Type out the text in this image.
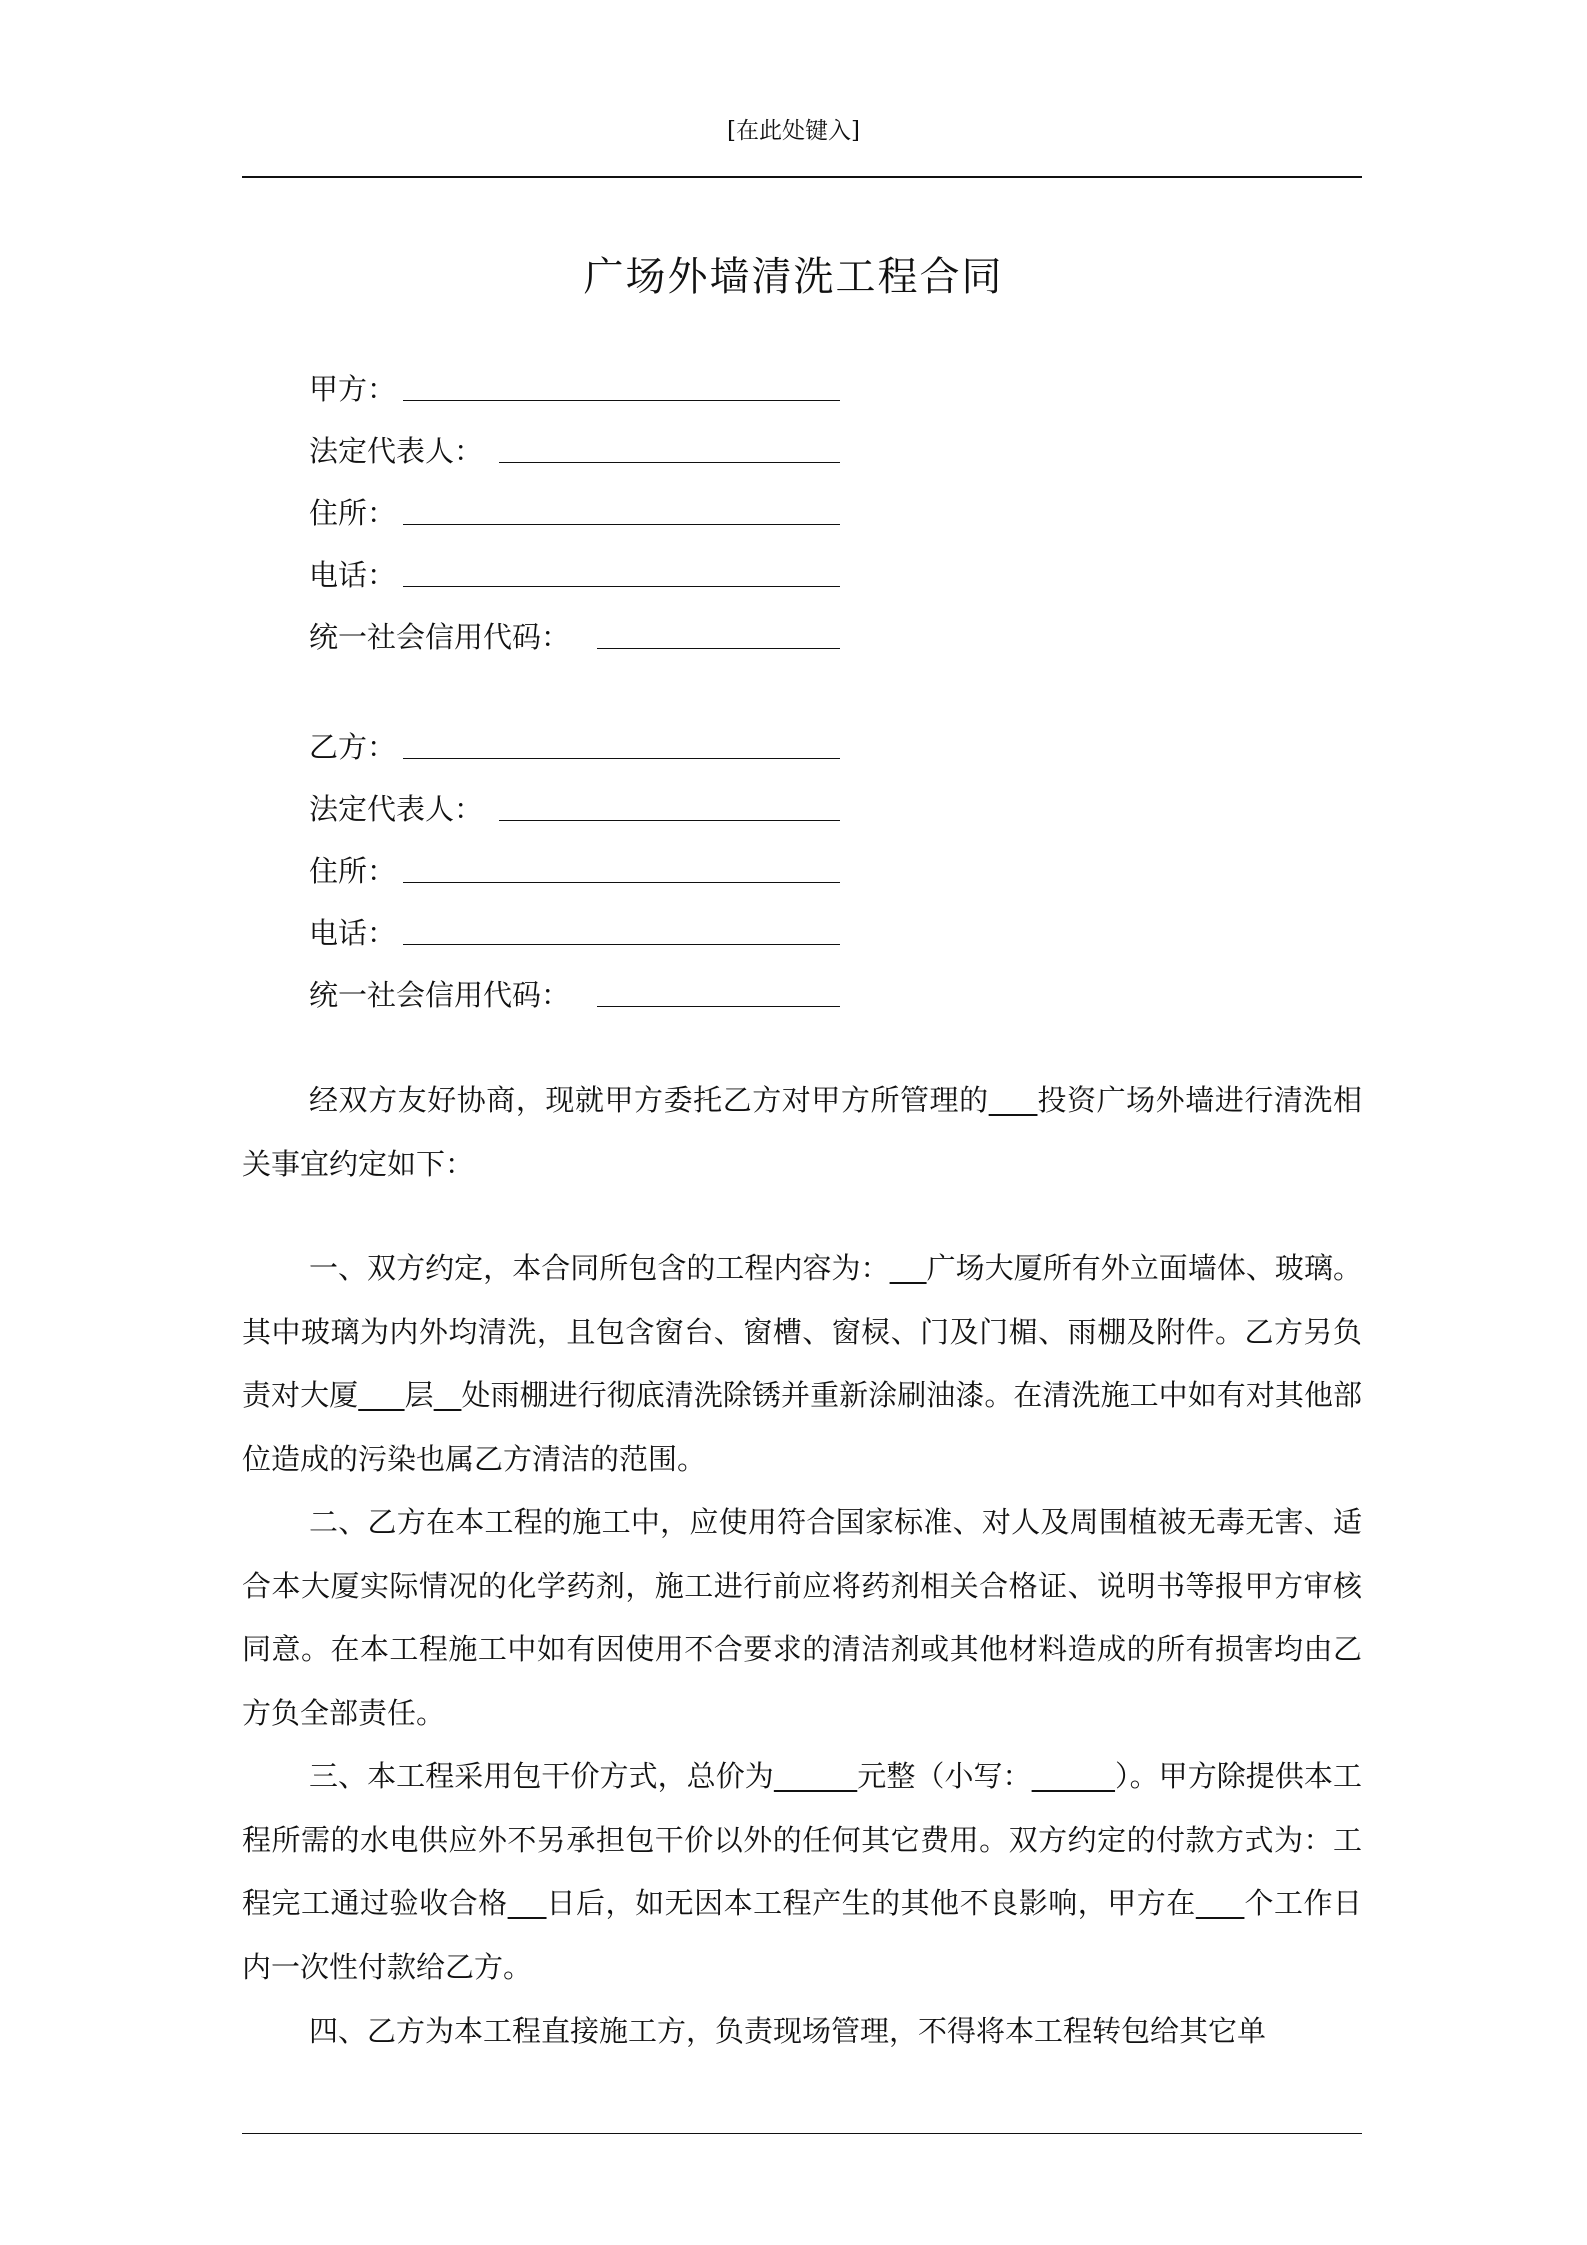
[在此处键入]
广场外墙清洗工程合同
甲方：
法定代表人：
住所：
电话：
统一社会信用代码：
乙方：
法定代表人：
住所：
电话：
统一社会信用代码：

经双方友好协商，现就甲方委托乙方对甲方所管理的 投资广场外墙进行清洗相关事宜约定如下：

一、双方约定，本合同所包含的工程内容为： 广场大厦所有外立面墙体、玻璃。其中玻璃为内外均清洗，且包含窗台、窗槽、窗棂、门及门楣、雨棚及附件。乙方另负责对大厦 层 处雨棚进行彻底清洗除锈并重新涂刷油漆。在清洗施工中如有对其他部位造成的污染也属乙方清洁的范围。

二、乙方在本工程的施工中，应使用符合国家标准、对人及周围植被无毒无害、适合本大厦实际情况的化学药剂，施工进行前应将药剂相关合格证、说明书等报甲方审核同意。在本工程施工中如有因使用不合要求的清洁剂或其他材料造成的所有损害均由乙方负全部责任。

三、本工程采用包干价方式，总价为	元整（小写：	）。甲方除提供本工程所需的水电供应外不另承担包干价以外的任何其它费用。双方约定的付款方式为：工程完工通过验收合格 日后，如无因本工程产生的其他不良影响，甲方在 个工作日内一次性付款给乙方。

四、乙方为本工程直接施工方，负责现场管理，不得将本工程转包给其它单
